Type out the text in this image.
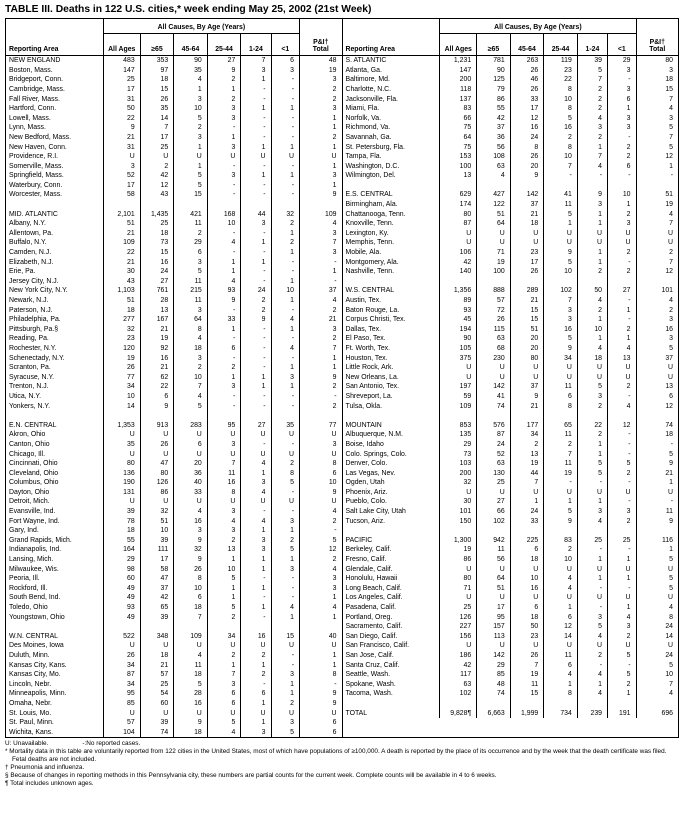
TABLE III. Deaths in 122 U.S. cities,* week ending May 25, 2002 (21st Week)
Reporting Area	All Causes, By Age (Years)						P&I†
Total

	All Ages	≥65	45-64	25-44	1-24	<1	
NEW ENGLAND	483	353	90	27	7	6	48
Boston, Mass.	147	97	35	9	3	3	19
Bridgeport, Conn.	25	18	4	2	1	-	3
Cambridge, Mass.	17	15	1	1	-	-	2
Fall River, Mass.	31	26	3	2	-	-	2
Hartford, Conn.	50	35	10	3	1	1	3
Lowell, Mass.	22	14	5	3	-	-	1
Lynn, Mass.	9	7	2	-	-	-	1
New Bedford, Mass.	21	17	3	1	-	-	2
New Haven, Conn.	31	25	1	3	1	1	1
Providence, R.I.	U	U	U	U	U	U	U
Somerville, Mass.	3	2	1	-	-	-	1
Springfield, Mass.	52	42	5	3	1	1	3
Waterbury, Conn.	17	12	5	-	-	-	1
Worcester, Mass.	58	43	15	-	-	-	9

MID. ATLANTIC	2,101	1,435	421	168	44	32	109
Albany, N.Y.	51	25	11	10	3	2	4
Allentown, Pa.	21	18	2	-	-	1	3
Buffalo, N.Y.	109	73	29	4	1	2	7
Camden, N.J.	22	15	6	-	-	1	3
Elizabeth, N.J.	21	16	3	1	1	-	-
Erie, Pa.	30	24	5	1	-	-	1
Jersey City, N.J.	43	27	11	4	-	1	-
New York City, N.Y.	1,103	761	215	93	24	10	37
Newark, N.J.	51	28	11	9	2	1	4
Paterson, N.J.	18	13	3	-	2	-	2
Philadelphia, Pa.	277	167	64	33	9	4	21
Pittsburgh, Pa.§	32	21	8	1	-	1	3
Reading, Pa.	23	19	4	-	-	-	2
Rochester, N.Y.	120	92	18	6	-	4	7
Schenectady, N.Y.	19	16	3	-	-	-	1
Scranton, Pa.	26	21	2	2	-	1	1
Syracuse, N.Y.	77	62	10	1	1	3	9
Trenton, N.J.	34	22	7	3	1	1	2
Utica, N.Y.	10	6	4	-	-	-	-
Yonkers, N.Y.	14	9	5	-	-	-	2

E.N. CENTRAL	1,353	913	283	95	27	35	77
Akron, Ohio	U	U	U	U	U	U	U
Canton, Ohio	35	26	6	3	-	-	3
Chicago, Ill.	U	U	U	U	U	U	U
Cincinnati, Ohio	80	47	20	7	4	2	8
Cleveland, Ohio	136	80	36	11	1	8	6
Columbus, Ohio	190	126	40	16	3	5	10
Dayton, Ohio	131	86	33	8	4	-	9
Detroit, Mich.	U	U	U	U	U	U	U
Evansville, Ind.	39	32	4	3	-	-	4
Fort Wayne, Ind.	78	51	16	4	4	3	2
Gary, Ind.	18	10	3	3	1	1	-
Grand Rapids, Mich.	55	39	9	2	3	2	5
Indianapolis, Ind.	164	111	32	13	3	5	12
Lansing, Mich.	29	17	9	1	1	1	2
Milwaukee, Wis.	98	58	26	10	1	3	4
Peoria, Ill.	60	47	8	5	-	-	3
Rockford, Ill.	49	37	10	1	1	-	3
South Bend, Ind.	49	42	6	1	-	-	1
Toledo, Ohio	93	65	18	5	1	4	4
Youngstown, Ohio	49	39	7	2	-	1	1

W.N. CENTRAL	522	348	109	34	16	15	40
Des Moines, Iowa	U	U	U	U	U	U	U
Duluth, Minn.	26	18	4	2	2	-	1
Kansas City, Kans.	34	21	11	1	1	-	1
Kansas City, Mo.	87	57	18	7	2	3	8
Lincoln, Nebr.	34	25	5	3	-	1	-
Minneapolis, Minn.	95	54	28	6	6	1	9
Omaha, Nebr.	85	60	16	6	1	2	9
St. Louis, Mo.	U	U	U	U	U	U	U
St. Paul, Minn.	57	39	9	5	1	3	6
Wichita, Kans.	104	74	18	4	3	5	6
Reporting Area	All Causes, By Age (Years)						P&I†
Total

	All Ages	≥65	45-64	25-44	1-24	<1	
S. ATLANTIC	1,231	781	263	119	39	29	80
Atlanta, Ga.	147	90	26	23	5	3	3
Baltimore, Md.	200	125	46	22	7	-	18
Charlotte, N.C.	118	79	26	8	2	3	15
Jacksonville, Fla.	137	86	33	10	2	6	7
Miami, Fla.	83	55	17	8	2	1	4
Norfolk, Va.	66	42	12	5	4	3	3
Richmond, Va.	75	37	16	16	3	3	5
Savannah, Ga.	64	36	24	2	2	-	7
St. Petersburg, Fla.	75	56	8	8	1	2	5
Tampa, Fla.	153	108	26	10	7	2	12
Washington, D.C.	100	63	20	7	4	6	1
Wilmington, Del.	13	4	9	-	-	-	-

E.S. CENTRAL	629	427	142	41	9	10	51
Birmingham, Ala.	174	122	37	11	3	1	19
Chattanooga, Tenn.	80	51	21	5	1	2	4
Knoxville, Tenn.	87	64	18	1	1	3	7
Lexington, Ky.	U	U	U	U	U	U	U
Memphis, Tenn.	U	U	U	U	U	U	U
Mobile, Ala.	106	71	23	9	1	2	2
Montgomery, Ala.	42	19	17	5	1	-	7
Nashville, Tenn.	140	100	26	10	2	2	12

W.S. CENTRAL	1,356	888	289	102	50	27	101
Austin, Tex.	89	57	21	7	4	-	4
Baton Rouge, La.	93	72	15	3	2	1	2
Corpus Christi, Tex.	45	26	15	3	1	-	3
Dallas, Tex.	194	115	51	16	10	2	16
El Paso, Tex.	90	63	20	5	1	1	3
Ft. Worth, Tex.	105	68	20	9	4	4	5
Houston, Tex.	375	230	80	34	18	13	37
Little Rock, Ark.	U	U	U	U	U	U	U
New Orleans, La.	U	U	U	U	U	U	U
San Antonio, Tex.	197	142	37	11	5	2	13
Shreveport, La.	59	41	9	6	3	-	6
Tulsa, Okla.	109	74	21	8	2	4	12

MOUNTAIN	853	576	177	65	22	12	74
Albuquerque, N.M.	135	87	34	11	2	-	18
Boise, Idaho	29	24	2	2	1	-	-
Colo. Springs, Colo.	73	52	13	7	1	-	5
Denver, Colo.	103	63	19	11	5	5	9
Las Vegas, Nev.	200	130	44	19	5	2	21
Ogden, Utah	32	25	7	-	-	-	1
Phoenix, Ariz.	U	U	U	U	U	U	U
Pueblo, Colo.	30	27	1	1	1	-	-
Salt Lake City, Utah	101	66	24	5	3	3	11
Tucson, Ariz.	150	102	33	9	4	2	9

PACIFIC	1,300	942	225	83	25	25	116
Berkeley, Calif.	19	11	6	2	-	-	1
Fresno, Calif.	86	56	18	10	1	1	5
Glendale, Calif.	U	U	U	U	U	U	U
Honolulu, Hawaii	80	64	10	4	1	1	5
Long Beach, Calif.	71	51	16	4	-	-	5
Los Angeles, Calif.	U	U	U	U	U	U	U
Pasadena, Calif.	25	17	6	1	-	1	4
Portland, Oreg.	126	95	18	6	3	4	8
Sacramento, Calif.	227	157	50	12	5	3	24
San Diego, Calif.	156	113	23	14	4	2	14
San Francisco, Calif.	U	U	U	U	U	U	U
San Jose, Calif.	186	142	26	11	2	5	24
Santa Cruz, Calif.	42	29	7	6	-	-	5
Seattle, Wash.	117	85	19	4	4	5	10
Spokane, Wash.	63	48	11	1	1	2	7
Tacoma, Wash.	102	74	15	8	4	1	4

TOTAL	9,828¶	6,663	1,999	734	239	191	696
U: Unavailable.	-:No reported cases.
* Mortality data in this table are voluntarily reported from 122 cities in the United States, most of which have populations of ≥100,000. A death is reported by the place of its occurrence and by the week that the death certificate was filed. Fetal deaths are not included.
† Pneumonia and influenza.
§ Because of changes in reporting methods in this Pennsylvania city, these numbers are partial counts for the current week. Complete counts will be available in 4 to 6 weeks.
¶ Total includes unknown ages.
